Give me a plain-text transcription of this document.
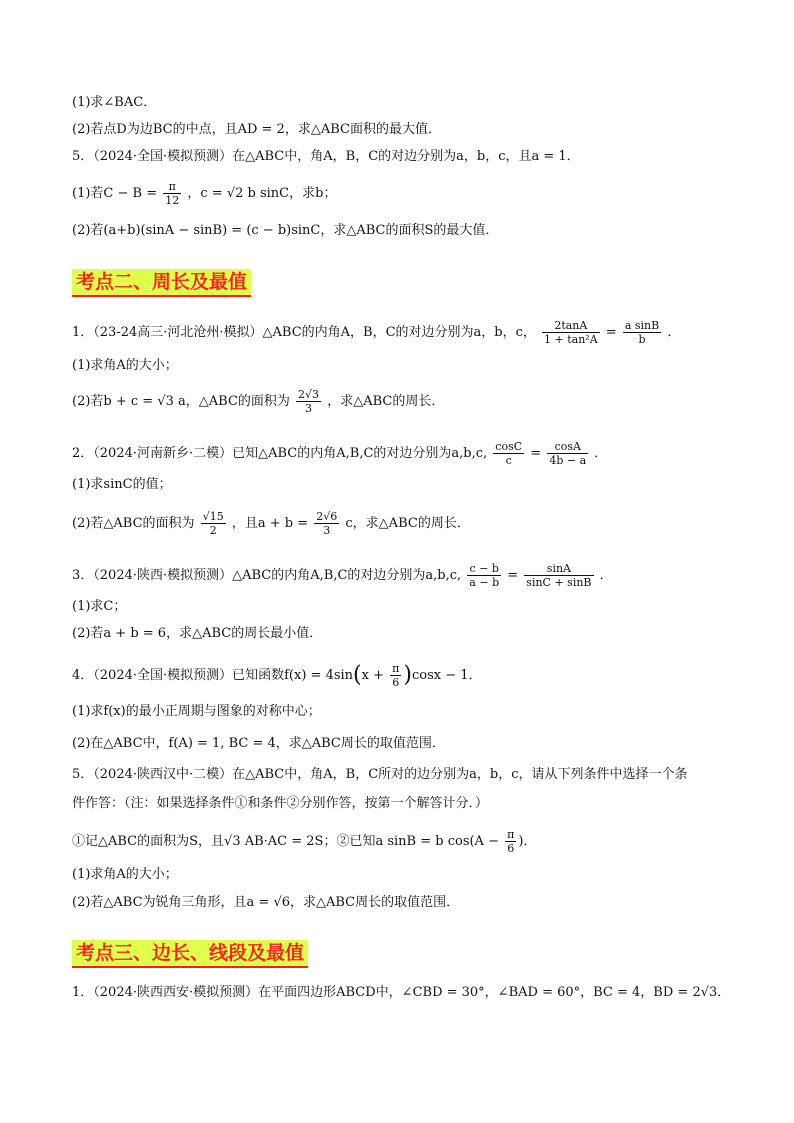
(1)求∠BAC．
(2)若点D为边BC的中点，且AD = 2，求△ABC面积的最大值．
5．（2024·全国·模拟预测）在△ABC中，角A，B，C的对边分别为a，b，c，且a = 1．
(1)若$C - B = \frac{\pi}{12}$ ，c = √2 b sinC，求b；
(2)若(a+b)(sinA − sinB) = (c − b)sinC，求△ABC的面积S的最大值．
考点二、周长及最值
1．（23-24高三·河北沧州·模拟）△ABC的内角A，B，C的对边分别为a，b，c， $\frac{2\tan A}{\text{1 + tan²A}} = \frac{\text{a sinB}}{b}$ ．
(1)求角A的大小；
(2)若b + c = √3 a，△ABC的面积为 $\frac{2√3}{3}$ ，求△ABC的周长．
2．（2024·河南新乡·二模）已知△ABC的内角A,B,C的对边分别为a,b,c, $\frac{\cos C}{c} = \frac{\cos A}{4b - a}$ ．
(1)求sinC的值；
(2)若△ABC的面积为 $\frac{√15}{2}$ ，且$a + b = \frac{2√6}{3}$ c，求△ABC的周长．
3．（2024·陕西·模拟预测）△ABC的内角A,B,C的对边分别为a,b,c, $\frac{c - b}{a - b} = \frac{\sin A}{\sin C + \sin B}$ ．
(1)求C；
(2)若a + b = 6，求△ABC的周长最小值．
4．（2024·全国·模拟预测）已知函数$f(x) = 4\sin(x + \frac{\pi}{6} )\cos x - 1$．
(1)求f(x)的最小正周期与图象的对称中心；
(2)在△ABC中，f(A) = 1, BC = 4，求△ABC周长的取值范围．
5．（2024·陕西汉中·二模）在△ABC中，角A，B，C所对的边分别为a，b，c，请从下列条件中选择一个条
件作答：（注：如果选择条件①和条件②分别作答，按第一个解答计分．）
①记△ABC的面积为S，且√3 AB·AC = 2S；②已知a sinB = b $\cos(A - \frac{\pi}{6}$ )．
(1)求角A的大小；
(2)若△ABC为锐角三角形，且a = √6，求△ABC周长的取值范围．
考点三、边长、线段及最值
1．（2024·陕西西安·模拟预测）在平面四边形ABCD中，∠CBD = 30°，∠BAD = 60°，BC = 4，BD = 2√3．
